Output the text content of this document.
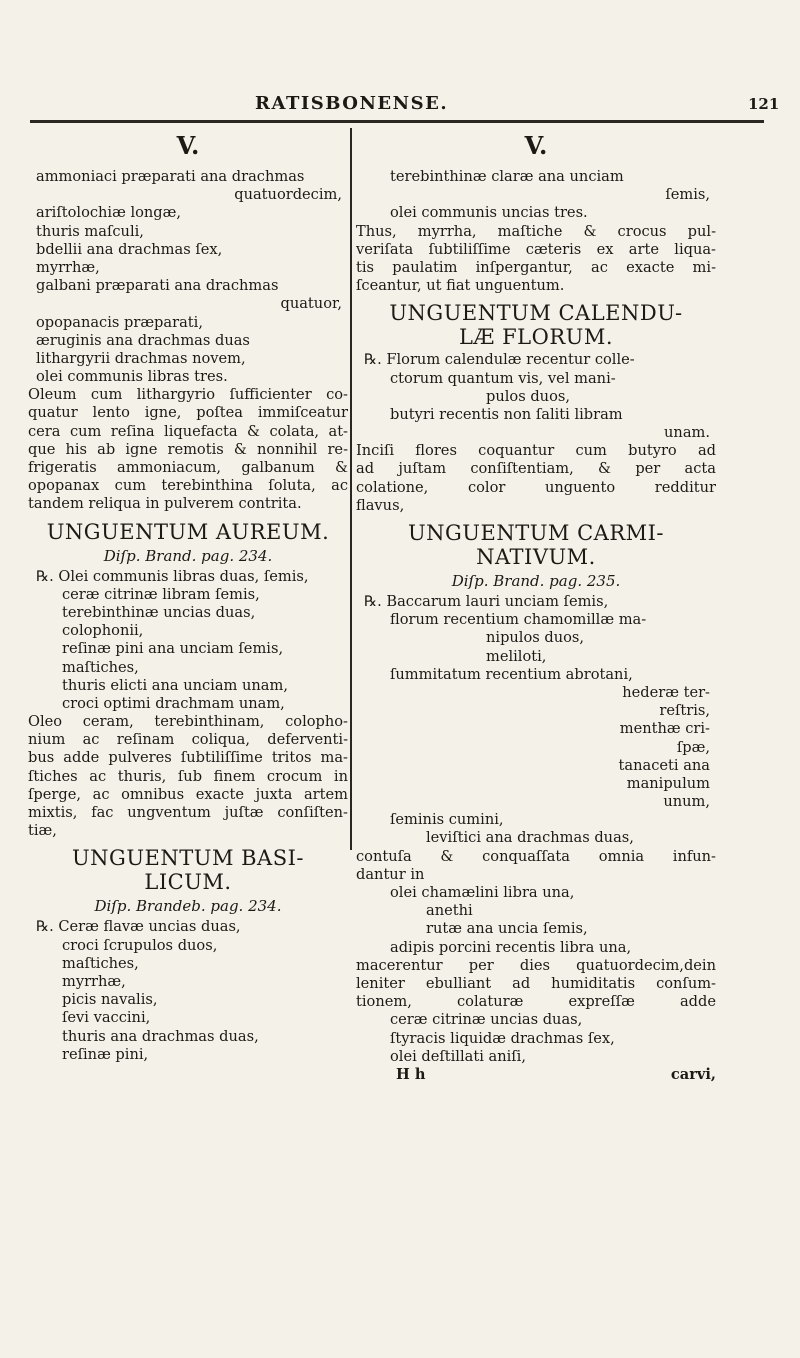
RATISBONENSE.	121
V.
ammoniaci præparati ana drachmas
quatuordecim,
ariſtolochiæ longæ,
thuris maſculi,
bdellii ana drachmas ſex,
myrrhæ,
galbani præparati ana drachmas
quatuor,
opopanacis præparati,
æruginis ana drachmas duas
lithargyrii drachmas novem,
olei communis libras tres.
Oleum cum lithargyrio ſufficienter co-
quatur lento igne, poſtea immiſceatur
cera cum reſina liquefacta & colata, at-
que his ab igne remotis & nonnihil re-
frigeratis ammoniacum, galbanum &
opopanax cum terebinthina ſoluta, ac
tandem reliqua in pulverem contrita.
UNGUENTUM AUREUM.
Diſp. Brand. pag. 234.
℞. Olei communis libras duas, ſemis,
ceræ citrinæ libram ſemis,
terebinthinæ uncias duas,
colophonii,
reſinæ pini ana unciam ſemis,
maſtiches,
thuris elicti ana unciam unam,
croci optimi drachmam unam,
Oleo ceram, terebinthinam, colopho-
nium ac reſinam coliqua, deferventi-
bus adde pulveres ſubtiliſſime tritos ma-
ſtiches ac thuris, ſub finem crocum in
ſperge, ac omnibus exacte juxta artem
mixtis, fac ungventum juſtæ conſiſten-
tiæ,
UNGUENTUM BASI-
LICUM.
Diſp. Brandeb. pag. 234.
℞. Ceræ flavæ uncias duas,
croci ſcrupulos duos,
maſtiches,
myrrhæ,
picis navalis,
ſevi vaccini,
thuris ana drachmas duas,
reſinæ pini,
V.
terebinthinæ claræ ana unciam
ſemis,
olei communis uncias tres.
Thus, myrrha, maſtiche & crocus pul-
veriſata ſubtiliſſime cæteris ex arte liqua-
tis paulatim inſpergantur, ac exacte mi-
ſceantur, ut fiat unguentum.
UNGUENTUM CALENDU-
LÆ FLORUM.
℞. Florum calendulæ recentur colle-
ctorum quantum vis, vel mani-
pulos duos,
butyri recentis non ſaliti libram
unam.
Inciſi flores coquantur cum butyro ad
ad juſtam conſiſtentiam, & per acta
colatione, color unguento redditur
flavus,
UNGUENTUM CARMI-
NATIVUM.
Diſp. Brand. pag. 235.
℞. Baccarum lauri unciam ſemis,
florum recentium chamomillæ ma-
nipulos duos,
meliloti,
ſummitatum recentium abrotani,
hederæ ter-
reſtris,
menthæ cri-
ſpæ,
tanaceti ana
manipulum
unum,
ſeminis cumini,
leviſtici ana drachmas duas,
contuſa & conquaſſata omnia infun-
dantur in
olei chamælini libra una,
anethi
rutæ ana uncia ſemis,
adipis porcini recentis libra una,
macerentur per dies quatuordecim,dein
leniter ebulliant ad humiditatis conſum-
tionem, colaturæ expreſſæ adde
ceræ citrinæ uncias duas,
ſtyracis liquidæ drachmas ſex,
olei deſtillati aniſi,
H h	carvi,
